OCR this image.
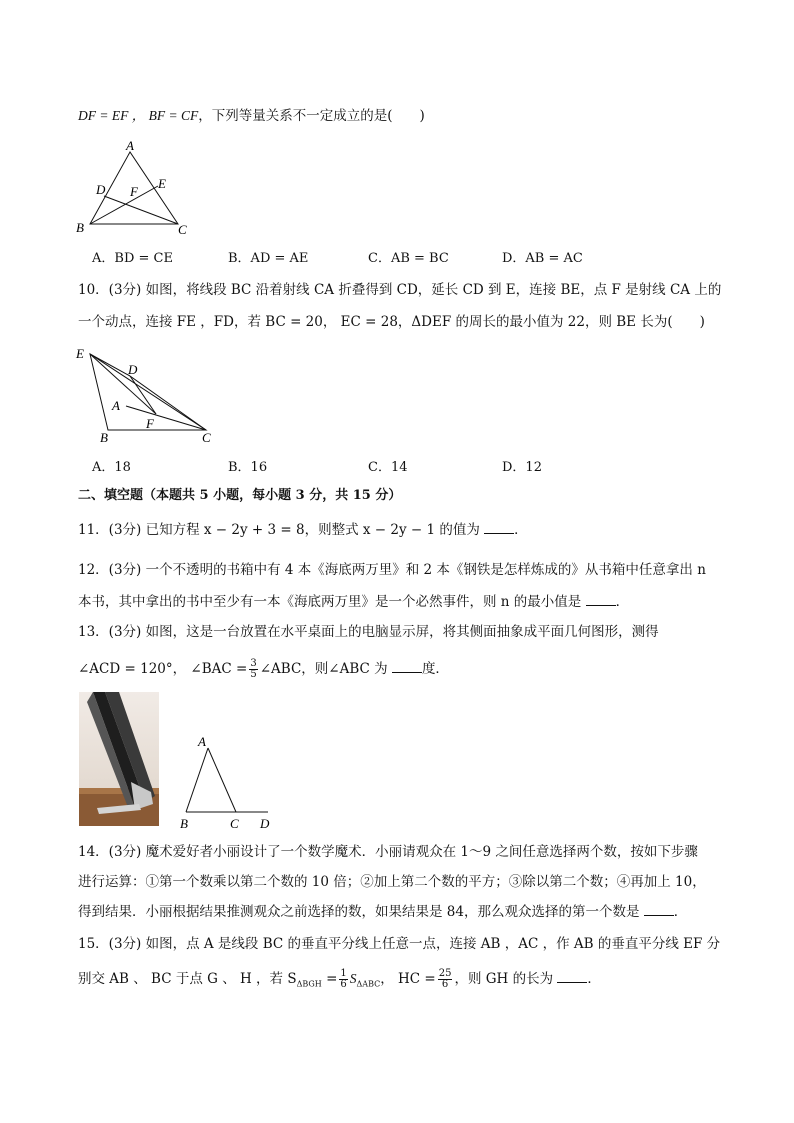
DF = EF ， BF = CF，下列等量关系不一定成立的是(　　)
A
D	E
F
B	C
A．BD = CE	B．AD = AE	C．AB = BC	D．AB = AC
10．(3分) 如图，将线段 BC 沿着射线 CA 折叠得到 CD，延长 CD 到 E，连接 BE，点 F 是射线 CA 上的
一个动点，连接 FE ，FD，若 BC = 20， EC = 28，ΔDEF 的周长的最小值为 22，则 BE 长为(　　)
E
D
A
F
B	C
A．18	B．16	C．14	D．12
二、填空题（本题共 5 小题，每小题 3 分，共 15 分）
11．(3分) 已知方程 x − 2y + 3 = 8，则整式 x − 2y − 1 的值为	．
12．(3分) 一个不透明的书箱中有 4 本《海底两万里》和 2 本《钢铁是怎样炼成的》从书箱中任意拿出 n
本书，其中拿出的书中至少有一本《海底两万里》是一个必然事件，则 n 的最小值是	．
13．(3分) 如图，这是一台放置在水平桌面上的电脑显示屏，将其侧面抽象成平面几何图形，测得
∠ACD = 120°， ∠BAC = $\frac{3}{5}$ ∠ABC，则∠ABC 为	度．
A
B	C D
14．(3分) 魔术爱好者小丽设计了一个数学魔术．小丽请观众在 1～9 之间任意选择两个数，按如下步骤
进行运算：①第一个数乘以第二个数的 10 倍；②加上第二个数的平方；③除以第二个数；④再加上 10，
得到结果．小丽根据结果推测观众之前选择的数，如果结果是 84，那么观众选择的第一个数是	．
15．(3分) 如图，点 A 是线段 BC 的垂直平分线上任意一点，连接 AB ，AC ，作 AB 的垂直平分线 EF 分
别交 AB 、 BC 于点 G 、 H ，若 $S_{\Delta BGH} = \frac{1}{6} S_{\Delta ABC}$， HC = $\frac{25}{6}$ ，则 GH 的长为	．
